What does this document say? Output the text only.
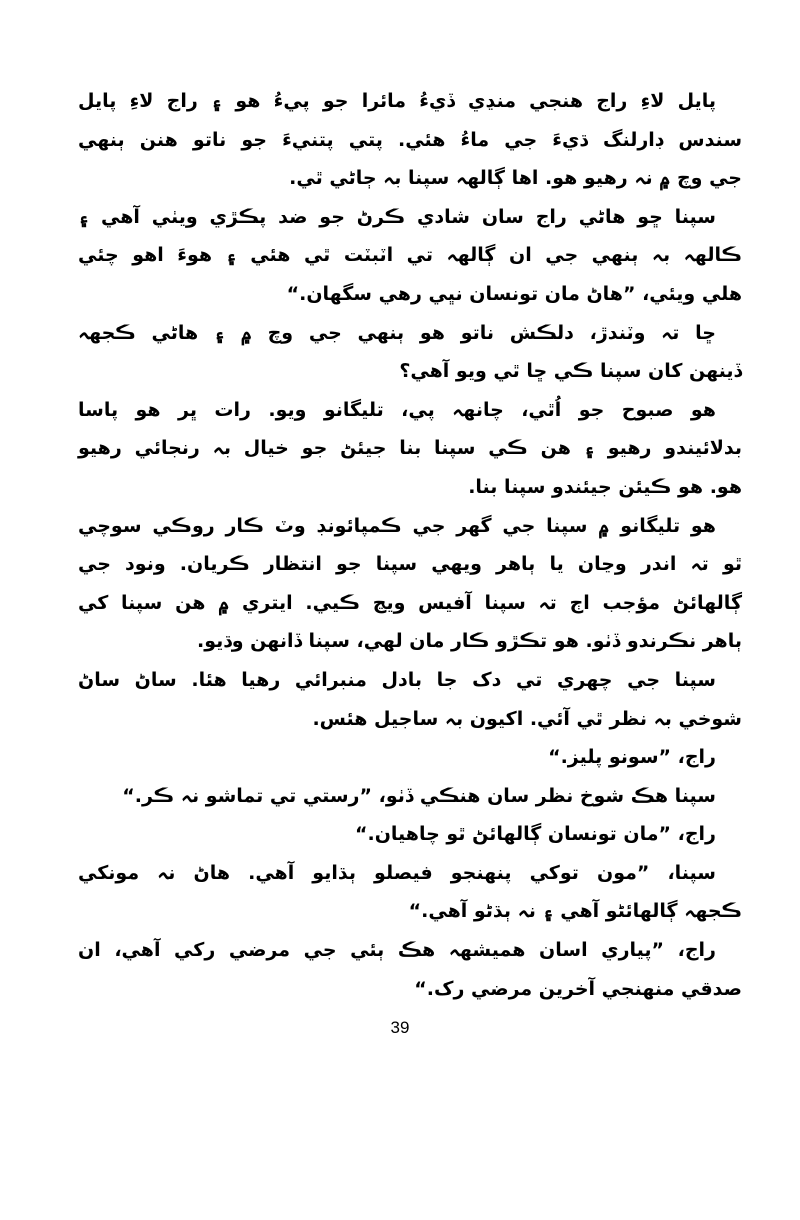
پايل لاءِ راج هنجي منڍي ڏيءُ مائرا جو پيءُ هو ۽ راج لاءِ پايل
سندس ڊارلنگ ڌيءَ جي ماءُ هئي. پتي پتنيءَ جو ناتو هنن ٻنهي
جي وچ ۾ نہ رهيو هو. اها ڳالهہ سپنا بہ ڄاڻي ٿي.
سپنا ڇو هاڻي راج سان شادي ڪرڻ جو ضد پڪڙي ويٺي آهي ۽
ڪالهہ بہ ٻنهي جي ان ڳالهہ تي اٽبٽت ٿي هئي ۽ هوءَ اهو چئي
هلي ويئي، ”هاڻ مان تونسان نڀي رهي سگهان.“
ڇا تہ وٽندڙ، دلڪش ناتو هو ٻنهي جي وچ ۾ ۽ هاڻي ڪجهہ
ڏينهن کان سپنا ڪي ڇا ٿي ويو آهي؟
هو صبوح جو اُٿي، چانهہ پي، تليگانو ويو. رات ڀر هو پاسا
بدلائيندو رهيو ۽ هن ڪي سپنا بنا جيئڻ جو خيال بہ رنجائي رهيو
هو. هو ڪيئن جيئندو سپنا بنا.
هو تليگانو ۾ سپنا جي گهر جي ڪمپائونڊ وٽ ڪار روڪي سوچي
ٿو تہ اندر وڃان يا ٻاهر ويهي سپنا جو انتظار ڪريان. ونود جي
ڳالهائڻ مؤجب اڄ تہ سپنا آفيس ويڃ ڪيي. ايتري ۾ هن سپنا کي
ٻاهر نڪرندو ڏٺو. هو تڪڙو ڪار مان لهي، سپنا ڏانهن وڌيو.
سپنا جي چهري تي دک جا بادل منبرائي رهيا هئا. ساڻ ساڻ
شوخي بہ نظر ٿي آئي. اکيون بہ ساجيل هئس.
راج، ”سونو پليز.“
سپنا هڪ شوخ نظر سان هنڪي ڏٺو، ”رستي تي تماشو نہ ڪر.“
راج، ”مان تونسان ڳالهائڻ ٿو چاهيان.“
سپنا، ”مون توکي پنهنجو فيصلو ٻڌايو آهي. هاڻ نہ مونکي
ڪجهہ ڳالهائڻو آهي ۽ نہ ٻڌڻو آهي.“
راج، ”پياري اسان هميشهہ هڪ ٻئي جي مرضي رکي آهي، ان
صدقي منهنجي آخرين مرضي رک.“
39
